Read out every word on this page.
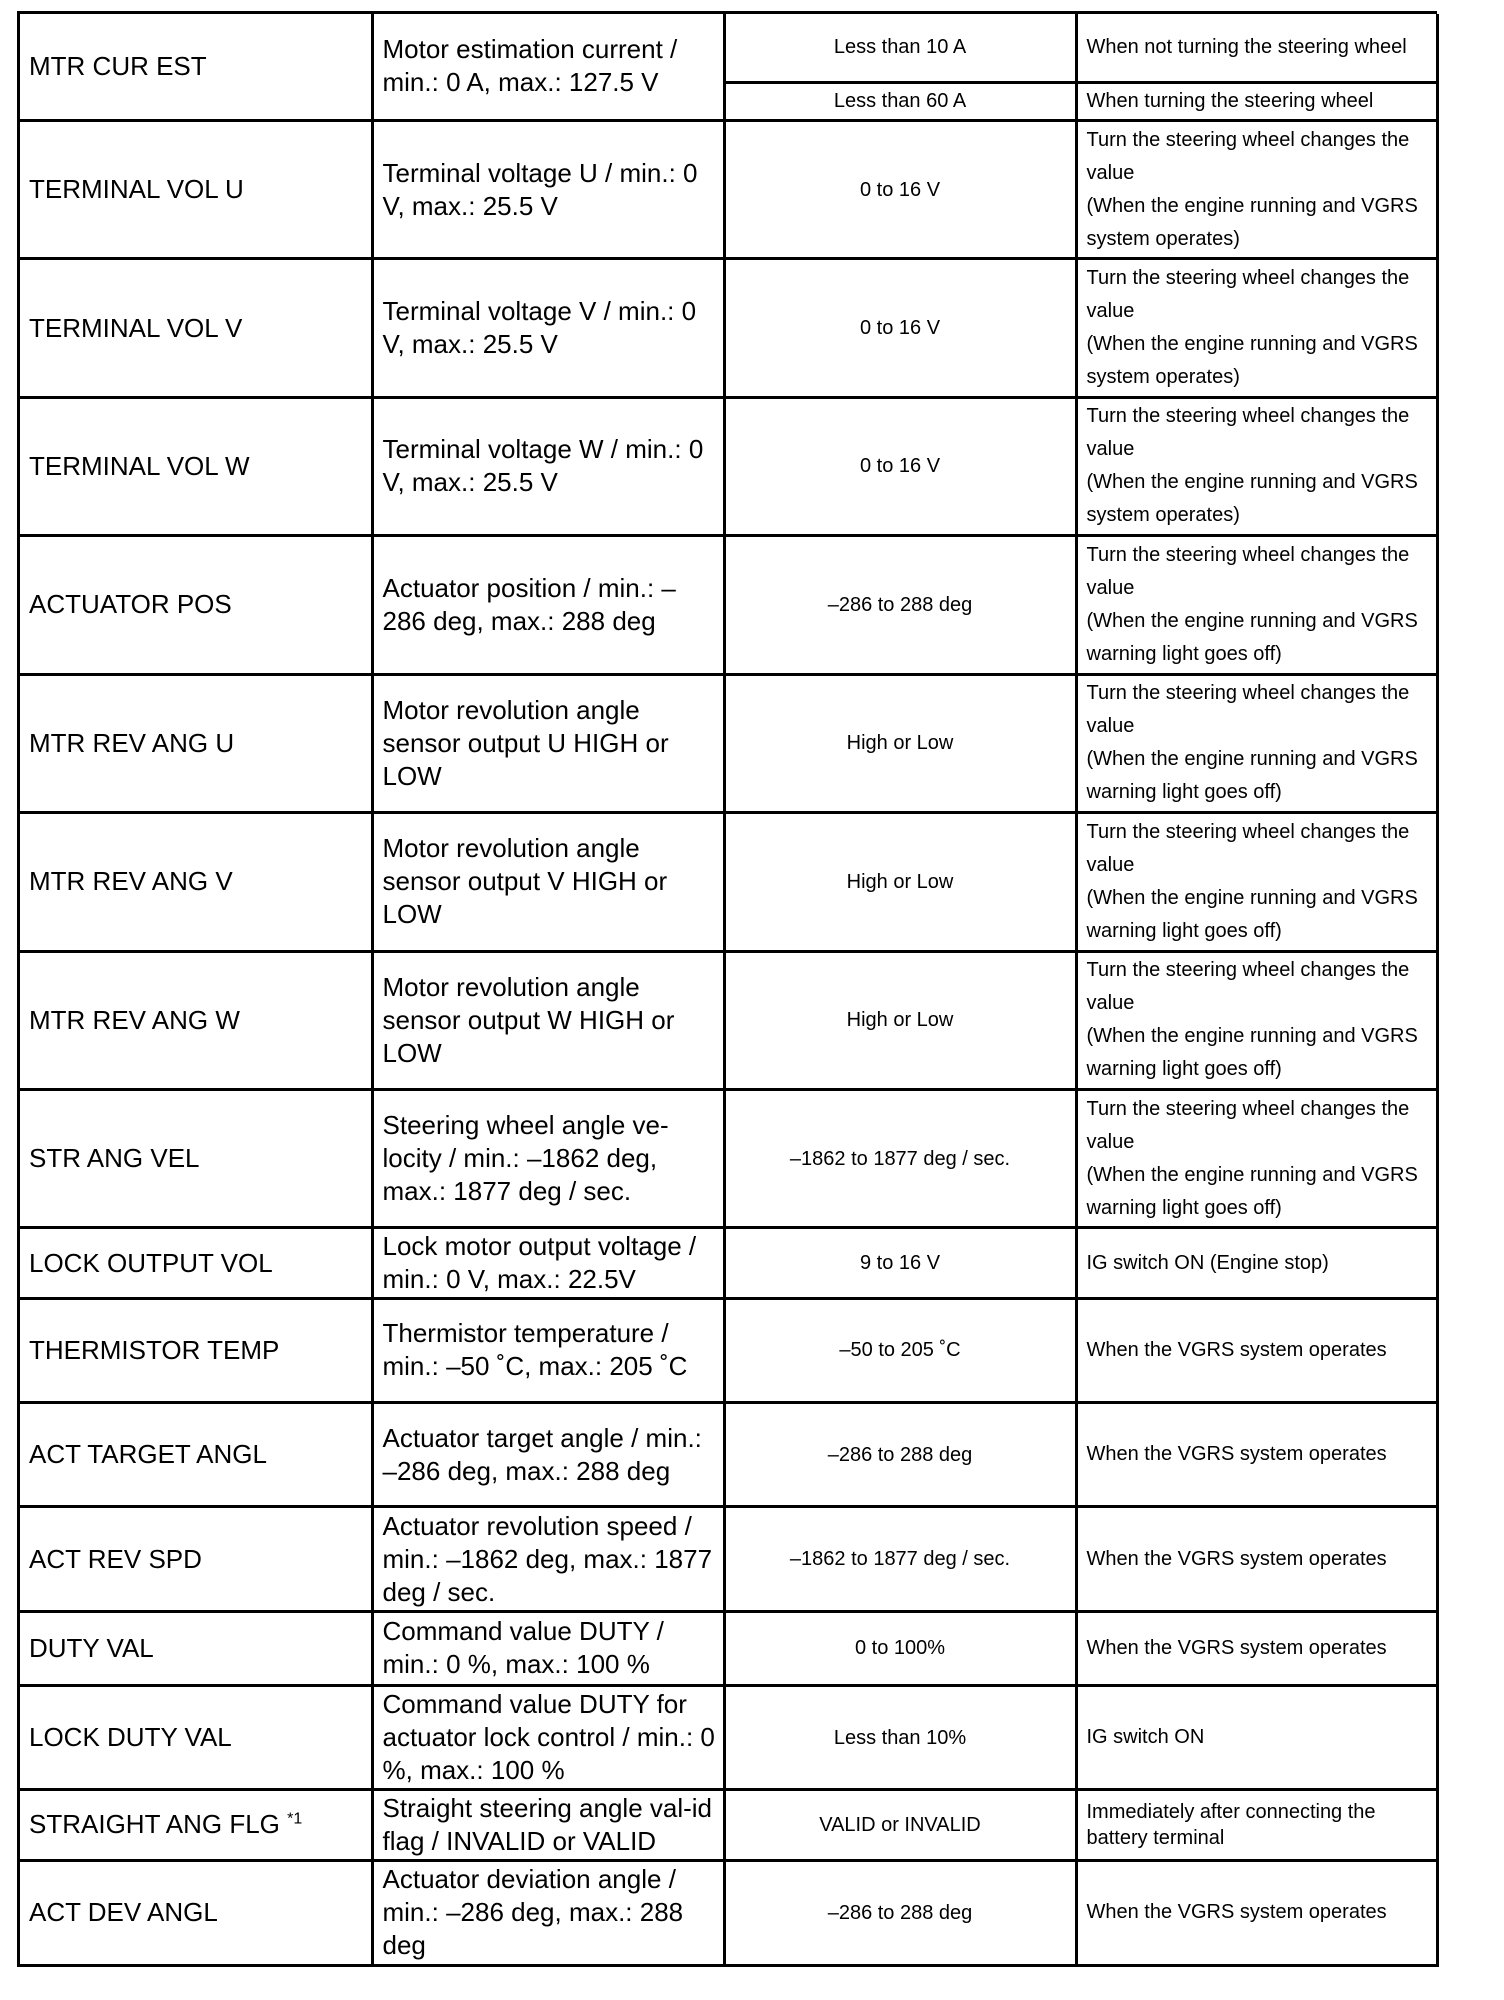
MTR CUR EST	Motor estimation current / min.: 0 A, max.: 127.5 V	Less than 10 A	When not turning the steering wheel
		Less than 60 A	When turning the steering wheel
TERMINAL VOL U	Terminal voltage U / min.: 0 V, max.: 25.5 V	0 to 16 V	Turn the steering wheel changes the value
(When the engine running and VGRS system operates)

TERMINAL VOL V	Terminal voltage V / min.: 0 V, max.: 25.5 V	0 to 16 V	Turn the steering wheel changes the value
(When the engine running and VGRS system operates)

TERMINAL VOL W	Terminal voltage W / min.: 0 V, max.: 25.5 V	0 to 16 V	Turn the steering wheel changes the value
(When the engine running and VGRS system operates)

ACTUATOR POS	Actuator position / min.: –286 deg, max.: 288 deg	–286 to 288 deg	Turn the steering wheel changes the value
(When the engine running and VGRS warning light goes off)

MTR REV ANG U	Motor revolution angle sensor output U HIGH or LOW	High or Low	Turn the steering wheel changes the value
(When the engine running and VGRS warning light goes off)

MTR REV ANG V	Motor revolution angle sensor output V HIGH or LOW	High or Low	Turn the steering wheel changes the value
(When the engine running and VGRS warning light goes off)

MTR REV ANG W	Motor revolution angle sensor output W HIGH or LOW	High or Low	Turn the steering wheel changes the value
(When the engine running and VGRS warning light goes off)

STR ANG VEL	Steering wheel angle ve-locity / min.: –1862 deg, max.: 1877 deg / sec.	–1862 to 1877 deg / sec.	Turn the steering wheel changes the value
(When the engine running and VGRS warning light goes off)

LOCK OUTPUT VOL	Lock motor output voltage / min.: 0 V, max.: 22.5V	9 to 16 V	IG switch ON (Engine stop)
THERMISTOR TEMP	Thermistor temperature / min.: –50 ˚C, max.: 205 ˚C	–50 to 205 ˚C	When the VGRS system operates
ACT TARGET ANGL	Actuator target angle / min.: –286 deg, max.: 288 deg	–286 to 288 deg	When the VGRS system operates
ACT REV SPD	Actuator revolution speed / min.: –1862 deg, max.: 1877 deg / sec.	–1862 to 1877 deg / sec.	When the VGRS system operates
DUTY VAL	Command value DUTY / min.: 0 %, max.: 100 %	0 to 100%	When the VGRS system operates
LOCK DUTY VAL	Command value DUTY for actuator lock control / min.: 0 %, max.: 100 %	Less than 10%	IG switch ON
STRAIGHT ANG FLG $^{*1}$	Straight steering angle val-id flag / INVALID or VALID	VALID or INVALID	Immediately after connecting the battery terminal
ACT DEV ANGL	Actuator deviation angle / min.: –286 deg, max.: 288 deg	–286 to 288 deg	When the VGRS system operates
